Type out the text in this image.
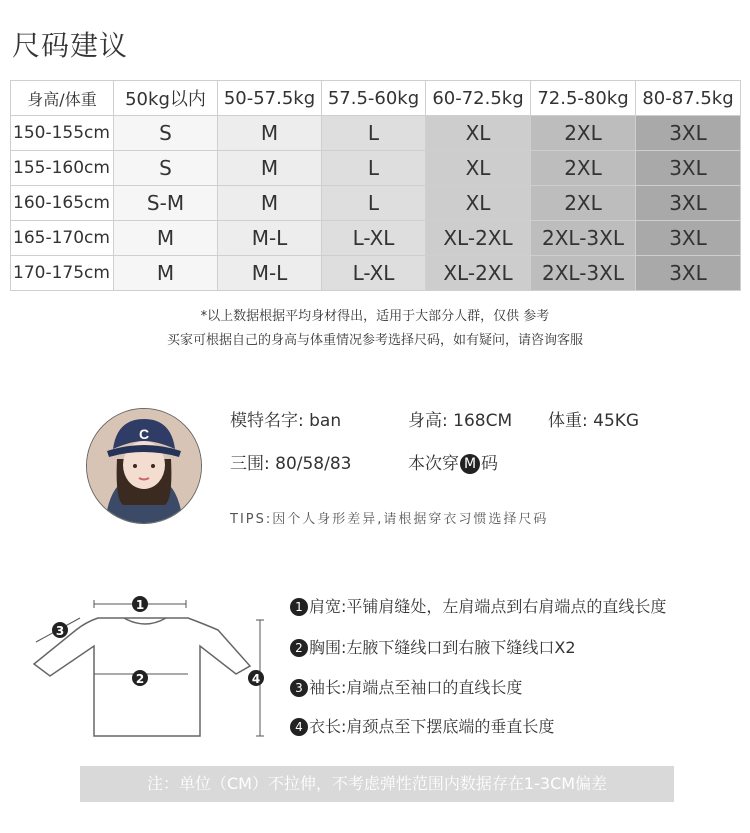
尺码建议
身高/体重	50kg以内	50-57.5kg	57.5-60kg	60-72.5kg	72.5-80kg	80-87.5kg
150-155cm	S	M	L	XL	2XL	3XL
155-160cm	S	M	L	XL	2XL	3XL
160-165cm	S-M	M	L	XL	2XL	3XL
165-170cm	M	M-L	L-XL	XL-2XL	2XL-3XL	3XL
170-175cm	M	M-L	L-XL	XL-2XL	2XL-3XL	3XL
*以上数据根据平均身材得出，适用于大部分人群，仅供 参考
买家可根据自己的身高与体重情况参考选择尺码，如有疑问，请咨询客服
C
模特名字: ban	身高: 168CM 体重: 45KG
三围: 80/58/83	本次穿 M 码
TIPS:因个人身形差异,请根据穿衣习惯选择尺码
1
3
2	4
1 肩宽:平铺肩缝处，左肩端点到右肩端点的直线长度
2 胸围:左腋下缝线口到右腋下缝线口X2
3 袖长:肩端点至袖口的直线长度
4 衣长:肩颈点至下摆底端的垂直长度
注：单位（CM）不拉伸，不考虑弹性范围内数据存在1-3CM偏差
